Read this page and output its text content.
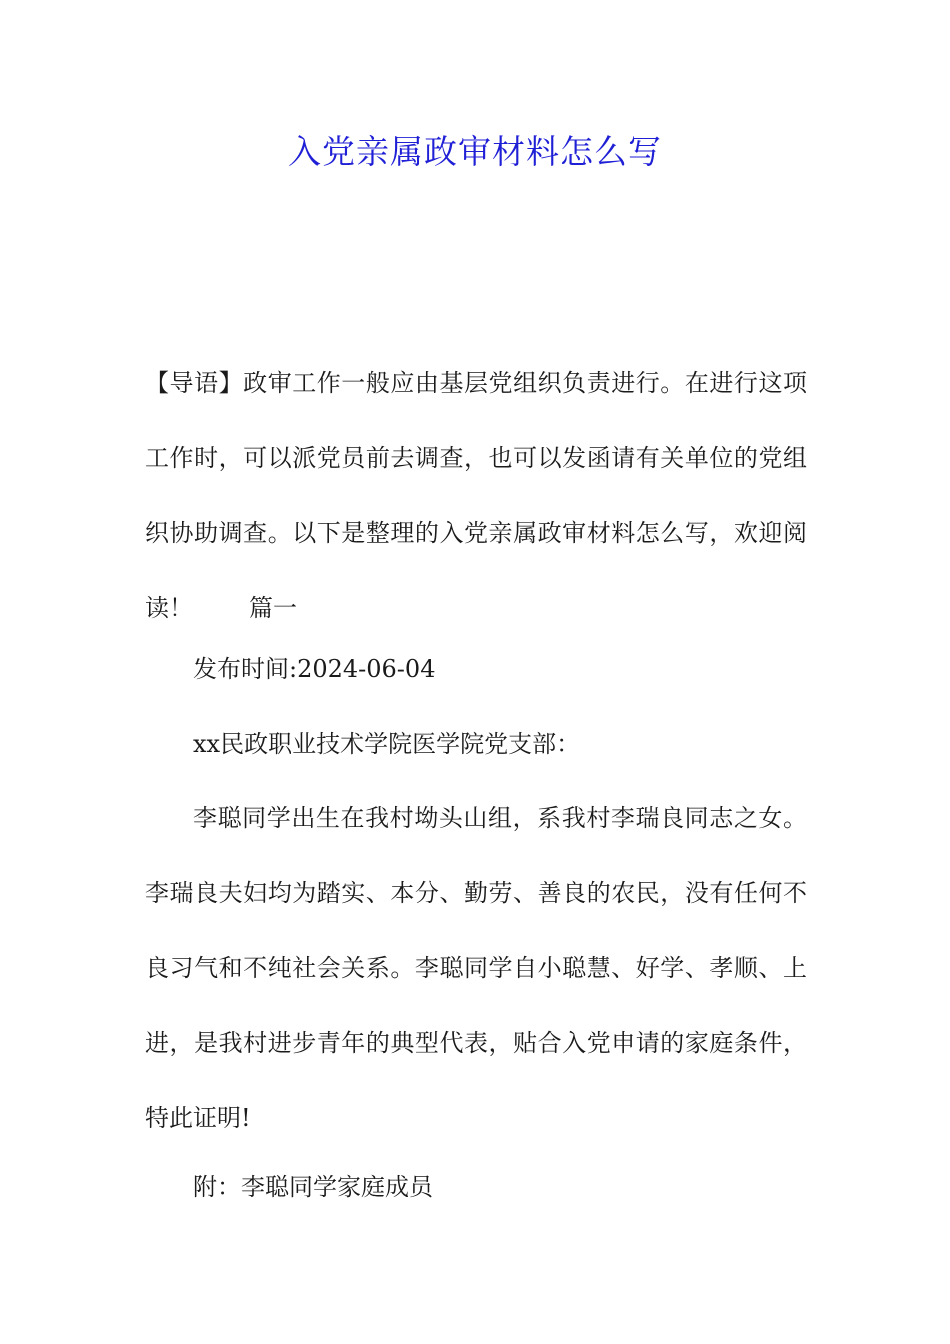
入党亲属政审材料怎么写

【导语】政审工作一般应由基层党组织负责进行。在进行这项工作时，可以派党员前去调查，也可以发函请有关单位的党组织协助调查。以下是整理的入党亲属政审材料怎么写，欢迎阅读！ 篇一

发布时间:2024-06-04

xx民政职业技术学院医学院党支部：

李聪同学出生在我村坳头山组，系我村李瑞良同志之女。李瑞良夫妇均为踏实、本分、勤劳、善良的农民，没有任何不良习气和不纯社会关系。李聪同学自小聪慧、好学、孝顺、上进，是我村进步青年的典型代表，贴合入党申请的家庭条件，特此证明!

附：李聪同学家庭成员
